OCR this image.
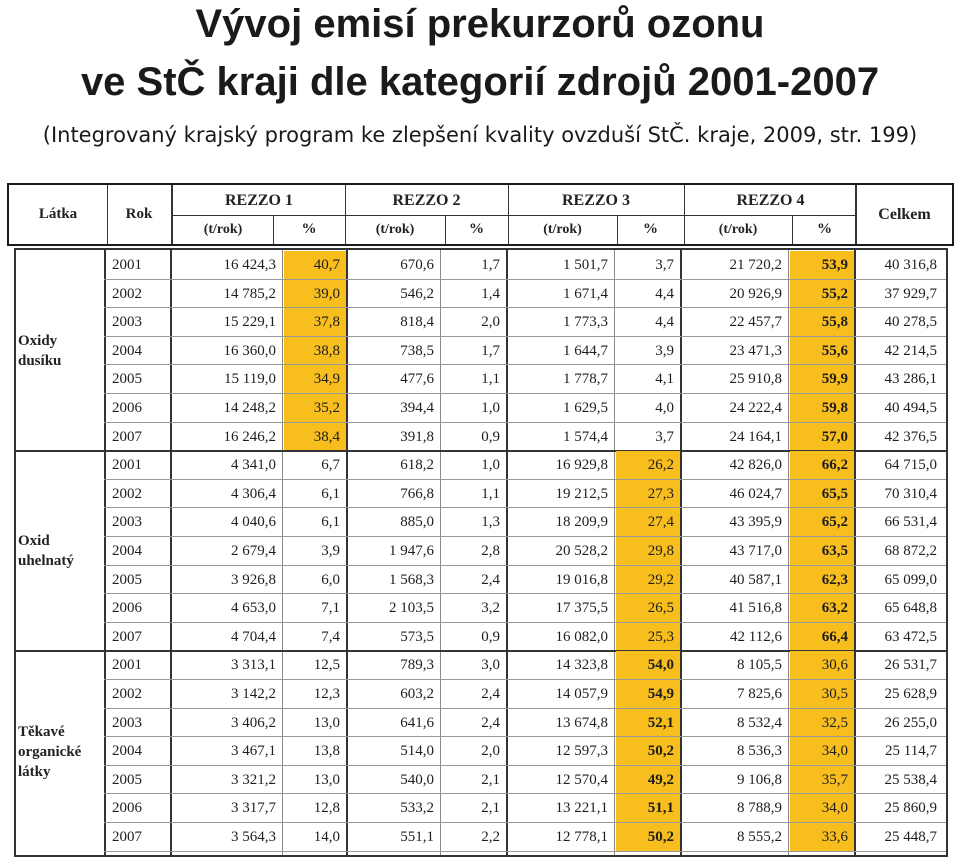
Vývoj emisí prekurzorů ozonu
ve StČ kraji dle kategorií zdrojů 2001-2007
(Integrovaný krajský program ke zlepšení kvality ovzduší StČ. kraje, 2009, str. 199)
Látka	Rok
REZZO 1	REZZO 2	REZZO 3	REZZO 4
Celkem
(t/rok)	%	(t/rok)	%	(t/rok)	%	(t/rok)	%
Oxidy
dusíku
2001	16 424,3	40,7	670,6	1,7	1 501,7	3,7	21 720,2	53,9	40 316,8
2002	14 785,2	39,0	546,2	1,4	1 671,4	4,4	20 926,9	55,2	37 929,7
2003	15 229,1	37,8	818,4	2,0	1 773,3	4,4	22 457,7	55,8	40 278,5
2004	16 360,0	38,8	738,5	1,7	1 644,7	3,9	23 471,3	55,6	42 214,5
2005	15 119,0	34,9	477,6	1,1	1 778,7	4,1	25 910,8	59,9	43 286,1
2006	14 248,2	35,2	394,4	1,0	1 629,5	4,0	24 222,4	59,8	40 494,5
2007	16 246,2	38,4	391,8	0,9	1 574,4	3,7	24 164,1	57,0	42 376,5
Oxid
uhelnatý
2001	4 341,0	6,7	618,2	1,0	16 929,8	26,2	42 826,0	66,2	64 715,0
2002	4 306,4	6,1	766,8	1,1	19 212,5	27,3	46 024,7	65,5	70 310,4
2003	4 040,6	6,1	885,0	1,3	18 209,9	27,4	43 395,9	65,2	66 531,4
2004	2 679,4	3,9	1 947,6	2,8	20 528,2	29,8	43 717,0	63,5	68 872,2
2005	3 926,8	6,0	1 568,3	2,4	19 016,8	29,2	40 587,1	62,3	65 099,0
2006	4 653,0	7,1	2 103,5	3,2	17 375,5	26,5	41 516,8	63,2	65 648,8
2007	4 704,4	7,4	573,5	0,9	16 082,0	25,3	42 112,6	66,4	63 472,5
Těkavé
organické
látky
2001	3 313,1	12,5	789,3	3,0	14 323,8	54,0	8 105,5	30,6	26 531,7
2002	3 142,2	12,3	603,2	2,4	14 057,9	54,9	7 825,6	30,5	25 628,9
2003	3 406,2	13,0	641,6	2,4	13 674,8	52,1	8 532,4	32,5	26 255,0
2004	3 467,1	13,8	514,0	2,0	12 597,3	50,2	8 536,3	34,0	25 114,7
2005	3 321,2	13,0	540,0	2,1	12 570,4	49,2	9 106,8	35,7	25 538,4
2006	3 317,7	12,8	533,2	2,1	13 221,1	51,1	8 788,9	34,0	25 860,9
2007	3 564,3	14,0	551,1	2,2	12 778,1	50,2	8 555,2	33,6	25 448,7
